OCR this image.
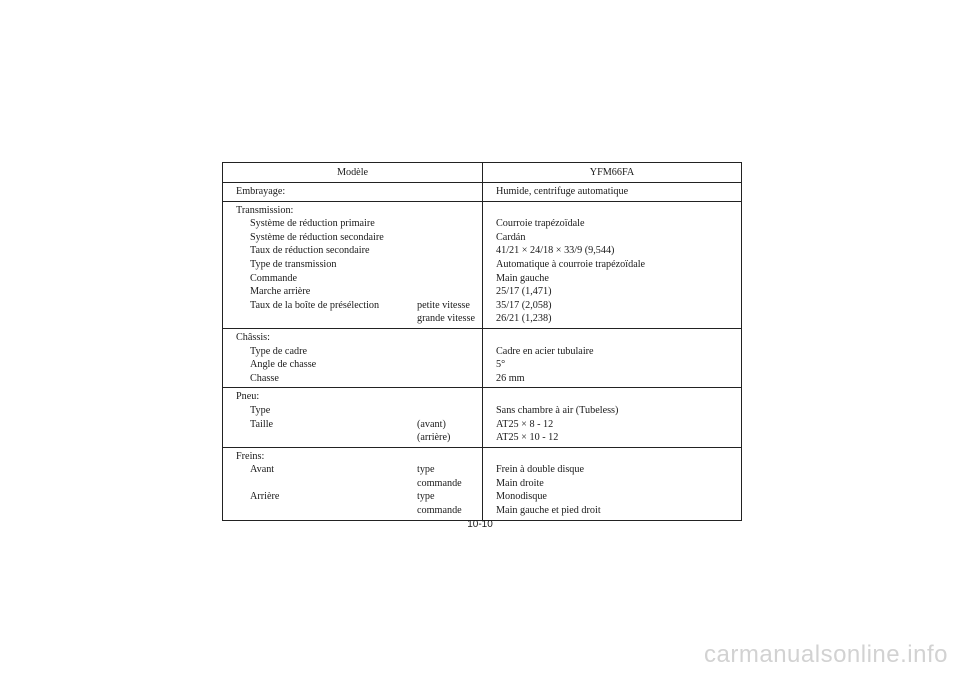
Modèle	YFM66FA
Embrayage:	Humide, centrifuge automatique
Transmission:
Système de réduction primaire	Courroie trapézoïdale
Système de réduction secondaire	Cardán
Taux de réduction secondaire	41/21 × 24/18 × 33/9 (9,544)
Type de transmission	Automatique à courroie trapézoïdale
Commande	Main gauche
Marche arrière	25/17 (1,471)
Taux de la boîte de présélection	petite vitesse	35/17 (2,058)
grande vitesse 26/21 (1,238)
Châssis:
Type de cadre	Cadre en acier tubulaire
Angle de chasse	5°
Chasse	26 mm
Pneu:
Type	Sans chambre à air (Tubeless)
Taille	(avant)	AT25 × 8 - 12
(arrière)	AT25 × 10 - 12
Freins:
Avant	type	Frein à double disque
commande	Main droite
Arrière	type	Monodisque
commande	Main gauche et pied droit
10-10
carmanualsonline.info
